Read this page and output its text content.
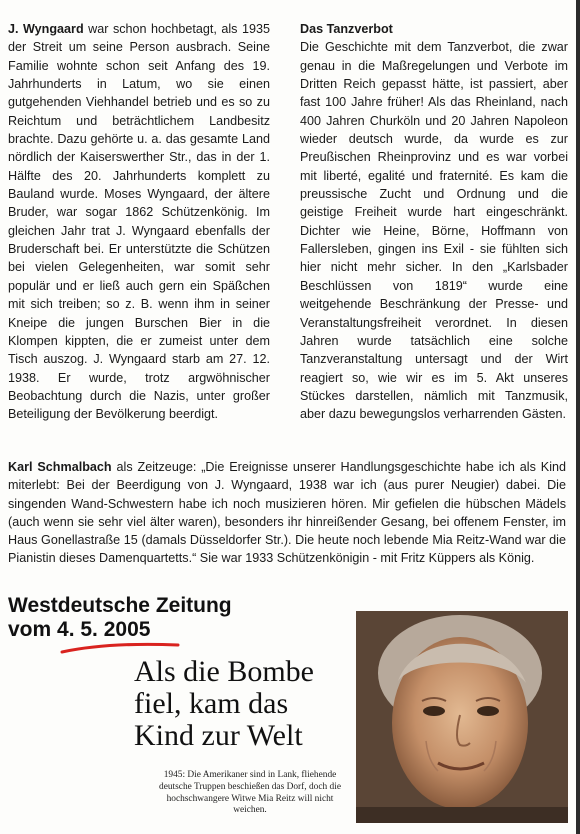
J. Wyngaard war schon hochbetagt, als 1935 der Streit um seine Person ausbrach. Seine Familie wohnte schon seit Anfang des 19. Jahrhunderts in Latum, wo sie einen gutgehenden Viehhandel betrieb und es so zu Reichtum und beträchtlichem Landbesitz brachte. Dazu gehörte u. a. das gesamte Land nördlich der Kaiserswerther Str., das in der 1. Hälfte des 20. Jahrhunderts komplett zu Bauland wurde. Moses Wyngaard, der ältere Bruder, war sogar 1862 Schützenkönig. Im gleichen Jahr trat J. Wyngaard ebenfalls der Bruderschaft bei. Er unterstützte die Schützen bei vielen Gelegenheiten, war somit sehr populär und er ließ auch gern ein Späßchen mit sich treiben; so z. B. wenn ihm in seiner Kneipe die jungen Burschen Bier in die Klompen kippten, die er zumeist unter dem Tisch auszog. J. Wyngaard starb am 27. 12. 1938. Er wurde, trotz argwöhnischer Beobachtung durch die Nazis, unter großer Beteiligung der Bevölkerung beerdigt.

Das Tanzverbot

Die Geschichte mit dem Tanzverbot, die zwar genau in die Maßregelungen und Verbote im Dritten Reich gepasst hätte, ist passiert, aber fast 100 Jahre früher! Als das Rheinland, nach 400 Jahren Churköln und 20 Jahren Napoleon wieder deutsch wurde, da wurde es zur Preußischen Rheinprovinz und es war vorbei mit liberté, egalité und fraternité. Es kam die preussische Zucht und Ordnung und die geistige Freiheit wurde hart eingeschränkt. Dichter wie Heine, Börne, Hoffmann von Fallersleben, gingen ins Exil - sie fühlten sich hier nicht mehr sicher. In den „Karlsbader Beschlüssen von 1819“ wurde eine weitgehende Beschränkung der Presse- und Veranstaltungsfreiheit verordnet. In diesen Jahren wurde tatsächlich eine solche Tanzveranstaltung untersagt und der Wirt reagiert so, wie wir es im 5. Akt unseres Stückes darstellen, nämlich mit Tanzmusik, aber dazu bewegungslos verharrenden Gästen.

Karl Schmalbach als Zeitzeuge: „Die Ereignisse unserer Handlungsgeschichte habe ich als Kind miterlebt: Bei der Beerdigung von J. Wyngaard, 1938 war ich (aus purer Neugier) dabei. Die singenden Wand-Schwestern habe ich noch musizieren hören. Mir gefielen die hübschen Mädels (auch wenn sie sehr viel älter waren), besonders ihr hinreißender Gesang, bei offenem Fenster, im Haus Gonellastraße 15 (damals Düsseldorfer Str.). Die heute noch lebende Mia Reitz-Wand war die Pianistin dieses Damenquartetts.“ Sie war 1933 Schützenkönigin - mit Fritz Küppers als König.

Westdeutsche Zeitung
vom 4. 5. 2005
Als die Bombe
fiel, kam das
Kind zur Welt

1945: Die Amerikaner sind in Lank, fliehende deutsche Truppen beschießen das Dorf, doch die hochschwangere Witwe Mia Reitz will nicht weichen.
